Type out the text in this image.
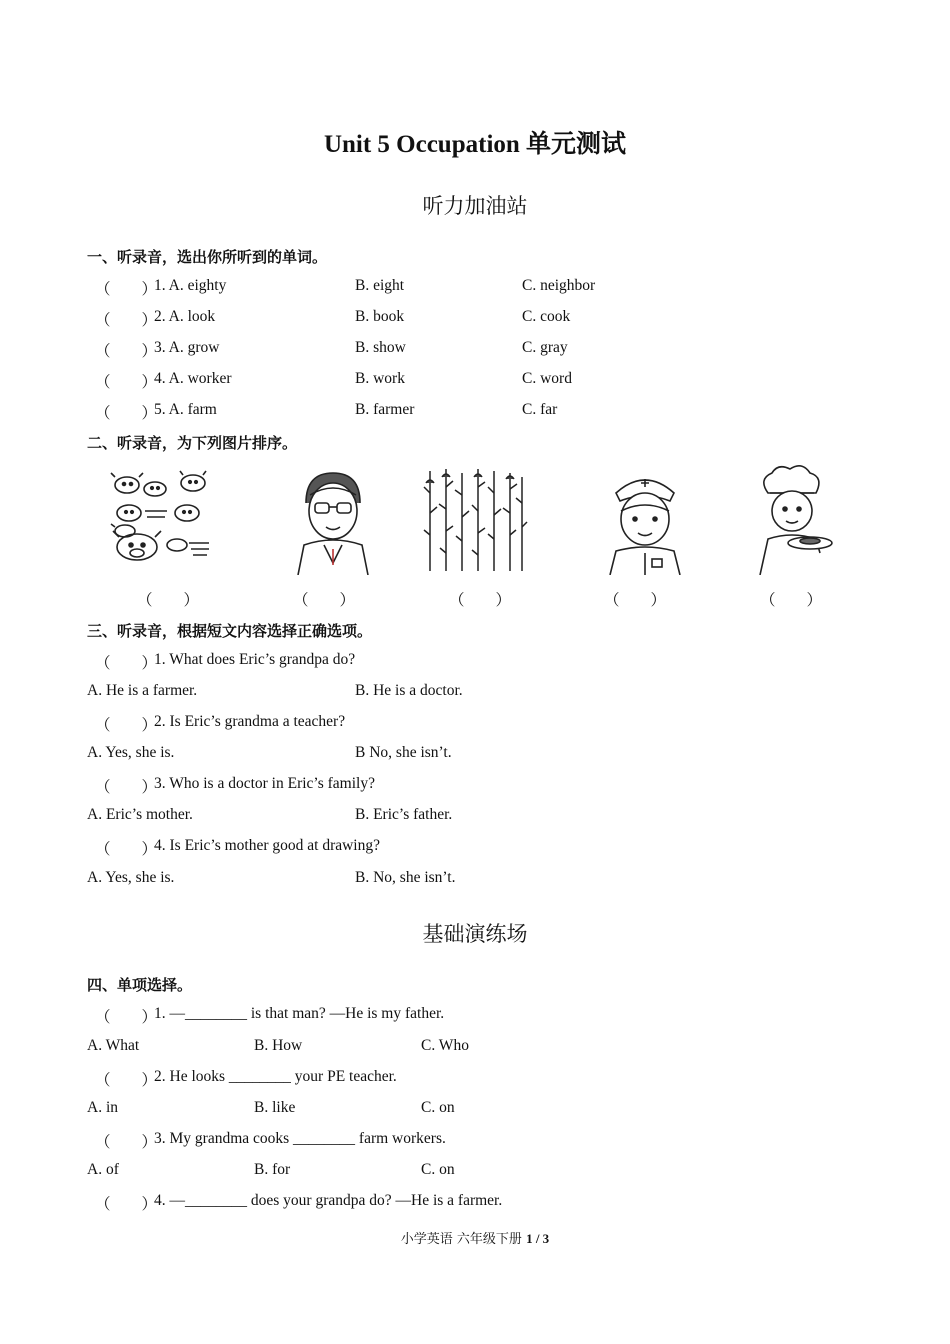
Unit 5 Occupation 单元测试
听力加油站
一、听录音，选出你所听到的单词。
（　　）
1. A. eighty	B. eight	C. neighbor
（　　）
2. A. look	B. book	C. cook
（　　）
3. A. grow	B. show	C. gray
（　　）
4. A. worker	B. work	C. word
（　　）
5. A. farm	B. farmer	C. far
二、听录音，为下列图片排序。
（　　）	（　　）	（　　）	（　　）	（　　）
三、听录音，根据短文内容选择正确选项。
（　　）
1. What does Eric’s grandpa do?
A. He is a farmer.	B. He is a doctor.
（　　）
2. Is Eric’s grandma a teacher?
A. Yes, she is.	B No, she isn’t.
（　　）
3. Who is a doctor in Eric’s family?
A. Eric’s mother.	B. Eric’s father.
（　　）
4. Is Eric’s mother good at drawing?
A. Yes, she is.	B. No, she isn’t.
基础演练场
四、单项选择。
（　　）
1. —________ is that man? —He is my father.
A. What	B. How	C. Who
（　　）
2. He looks ________ your PE teacher.
A. in	B. like	C. on
（　　）
3. My grandma cooks ________ farm workers.
A. of	B. for	C. on
（　　）
4. —________ does your grandpa do? —He is a farmer.
小学英语 六年级下册 1 / 3
